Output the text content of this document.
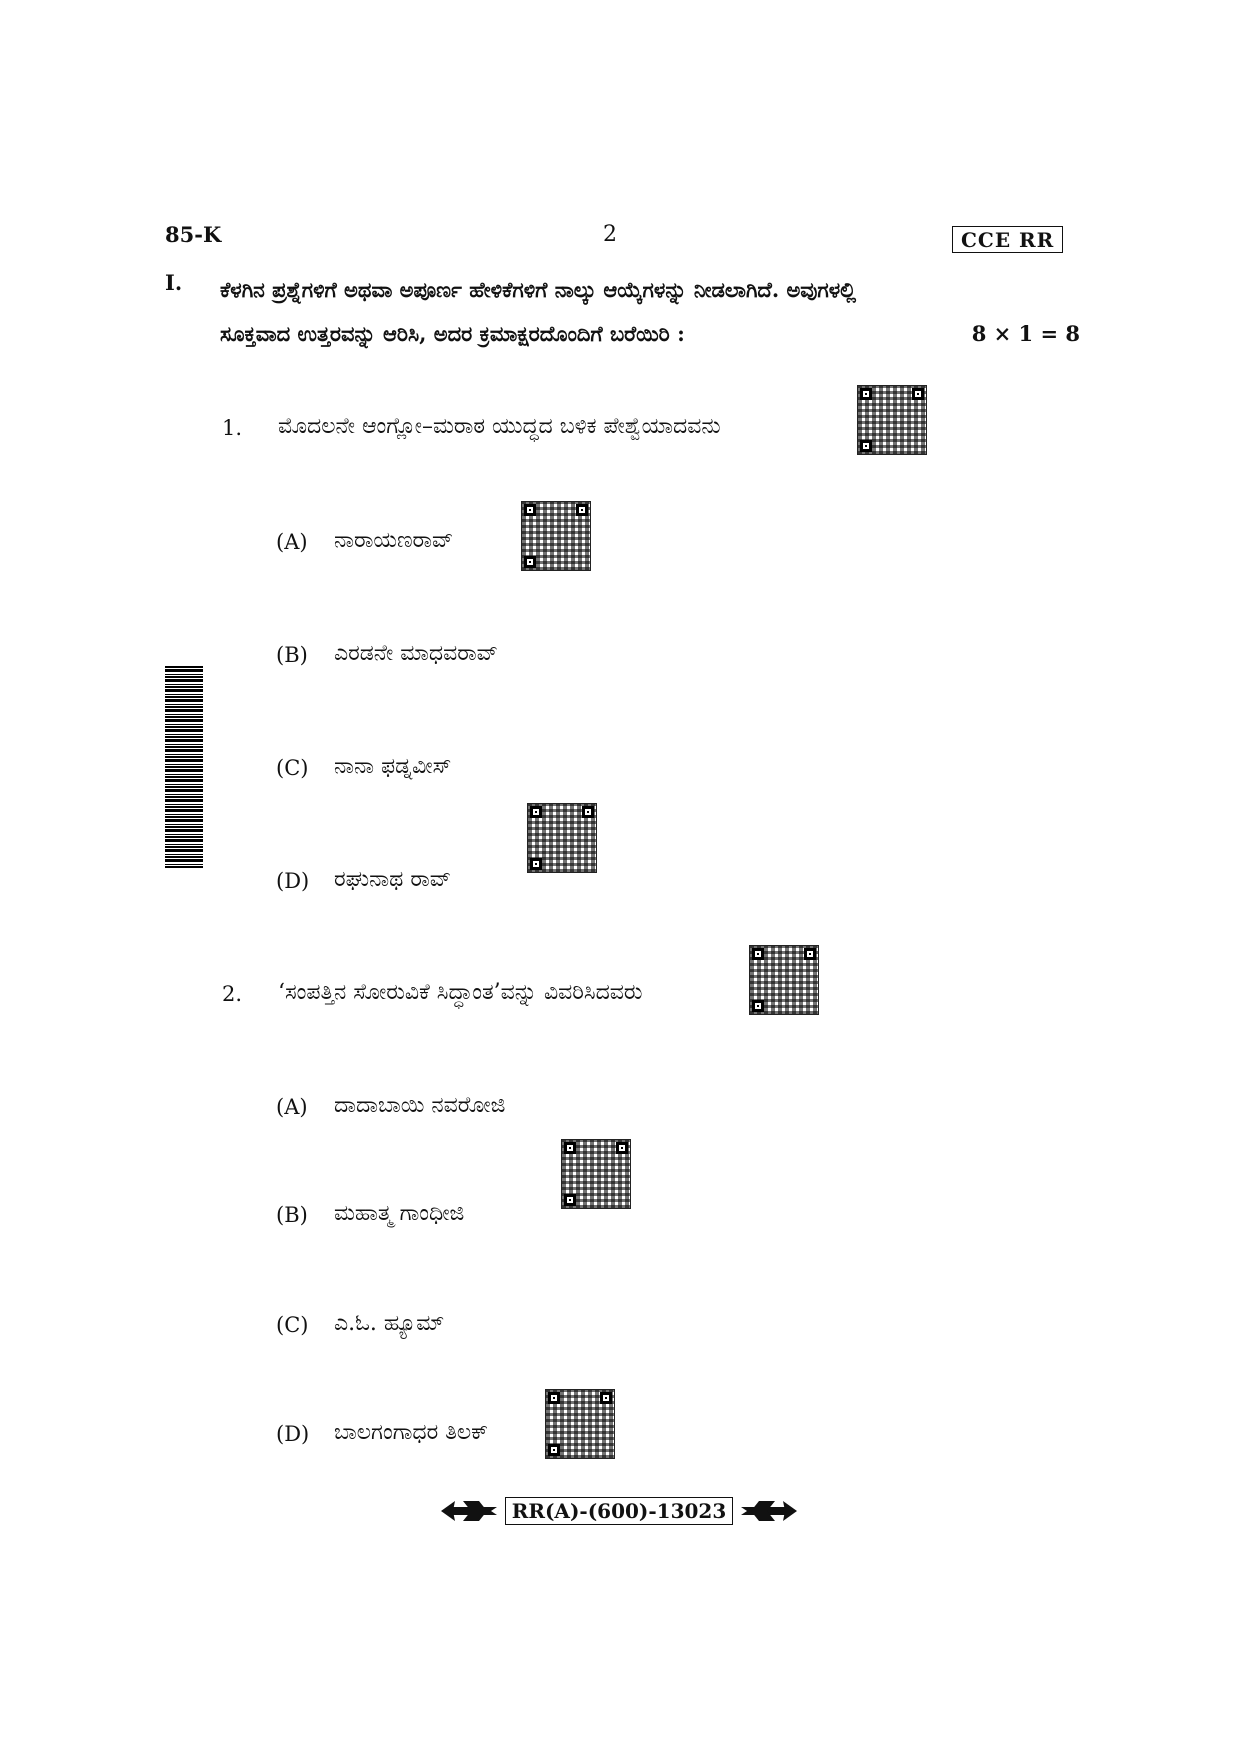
85-K	2	CCE RR
I. ಕೆಳಗಿನ ಪ್ರಶ್ನೆಗಳಿಗೆ ಅಥವಾ ಅಪೂರ್ಣ ಹೇಳಿಕೆಗಳಿಗೆ ನಾಲ್ಕು ಆಯ್ಕೆಗಳನ್ನು ನೀಡಲಾಗಿದೆ. ಅವುಗಳಲ್ಲಿ
ಸೂಕ್ತವಾದ ಉತ್ತರವನ್ನು ಆರಿಸಿ, ಅದರ ಕ್ರಮಾಕ್ಷರದೊಂದಿಗೆ ಬರೆಯಿರಿ :	8 × 1 = 8
1. ಮೊದಲನೇ ಆಂಗ್ಲೋ–ಮರಾಠ ಯುದ್ಧದ ಬಳಿಕ ಪೇಶ್ವೆಯಾದವನು
(A) ನಾರಾಯಣರಾವ್
(B) ಎರಡನೇ ಮಾಧವರಾವ್
(C) ನಾನಾ ಫಡ್ನವೀಸ್
(D) ರಘುನಾಥ ರಾವ್
2. ‘ಸಂಪತ್ತಿನ ಸೋರುವಿಕೆ ಸಿದ್ಧಾಂತ’ವನ್ನು ವಿವರಿಸಿದವರು
(A) ದಾದಾಬಾಯಿ ನವರೋಜಿ
(B) ಮಹಾತ್ಮ ಗಾಂಧೀಜಿ
(C) ಎ.ಓ. ಹ್ಯೂಮ್
(D) ಬಾಲಗಂಗಾಧರ ತಿಲಕ್
RR(A)-(600)-13023
